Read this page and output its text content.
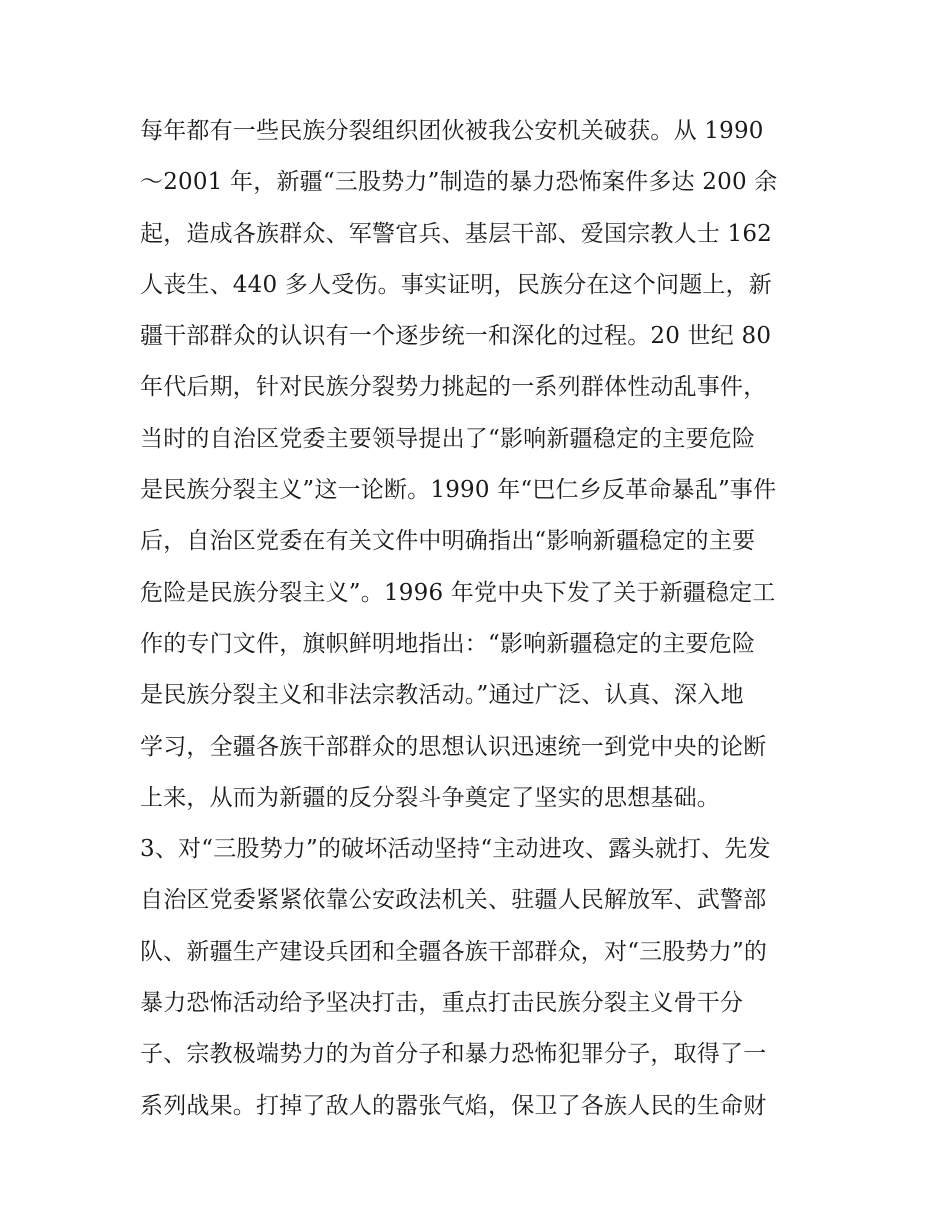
每年都有一些民族分裂组织团伙被我公安机关破获。从 1990
～2001 年，新疆“三股势力”制造的暴力恐怖案件多达 200 余
起，造成各族群众、军警官兵、基层干部、爱国宗教人士 162
人丧生、440 多人受伤。事实证明，民族分在这个问题上，新
疆干部群众的认识有一个逐步统一和深化的过程。20 世纪 80
年代后期，针对民族分裂势力挑起的一系列群体性动乱事件，
当时的自治区党委主要领导提出了“影响新疆稳定的主要危险
是民族分裂主义”这一论断。1990 年“巴仁乡反革命暴乱”事件
后，自治区党委在有关文件中明确指出“影响新疆稳定的主要
危险是民族分裂主义”。1996 年党中央下发了关于新疆稳定工
作的专门文件，旗帜鲜明地指出：“影响新疆稳定的主要危险
是民族分裂主义和非法宗教活动。”通过广泛、认真、深入地
学习，全疆各族干部群众的思想认识迅速统一到党中央的论断
上来，从而为新疆的反分裂斗争奠定了坚实的思想基础。
3、对“三股势力”的破坏活动坚持“主动进攻、露头就打、先发
自治区党委紧紧依靠公安政法机关、驻疆人民解放军、武警部
队、新疆生产建设兵团和全疆各族干部群众，对“三股势力”的
暴力恐怖活动给予坚决打击，重点打击民族分裂主义骨干分
子、宗教极端势力的为首分子和暴力恐怖犯罪分子，取得了一
系列战果。打掉了敌人的嚣张气焰，保卫了各族人民的生命财
